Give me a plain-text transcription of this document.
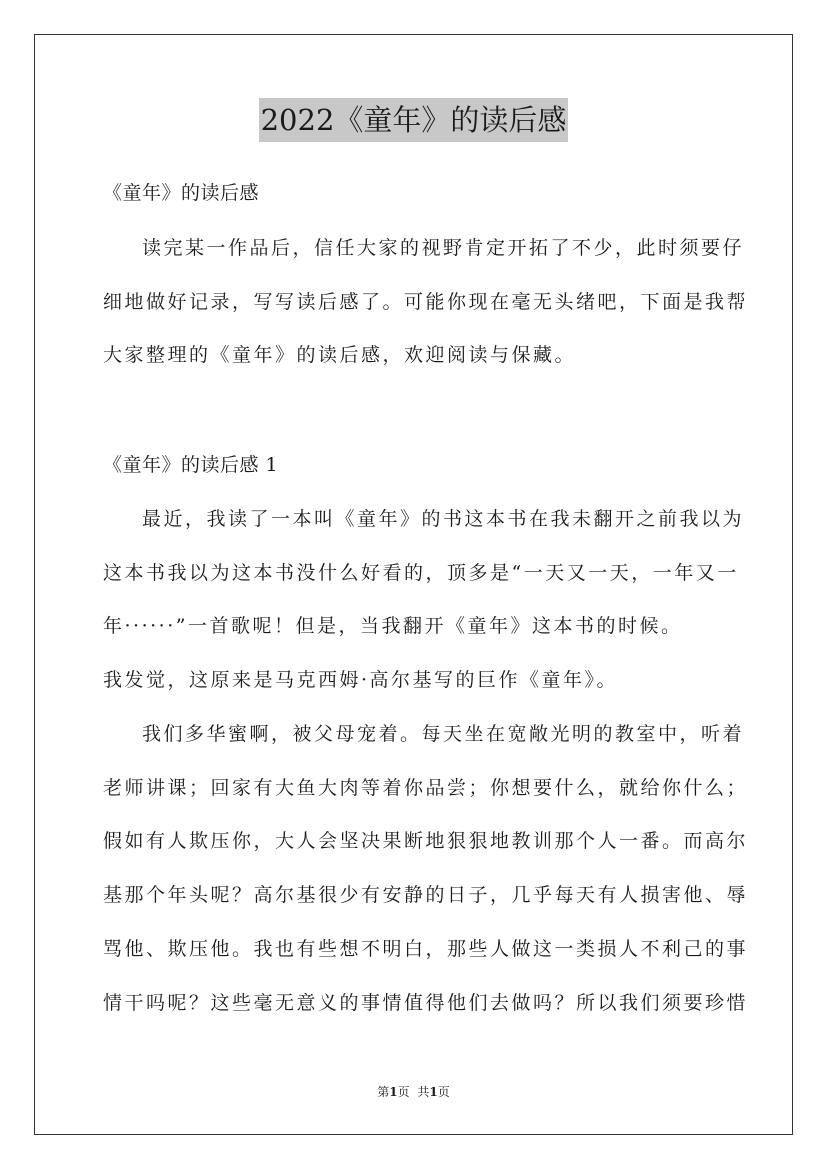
2022《童年》的读后感
《童年》的读后感
读完某一作品后，信任大家的视野肯定开拓了不少，此时须要仔
细地做好记录，写写读后感了。可能你现在毫无头绪吧，下面是我帮
大家整理的《童年》的读后感，欢迎阅读与保藏。
《童年》的读后感 1
最近，我读了一本叫《童年》的书这本书在我未翻开之前我以为
这本书我以为这本书没什么好看的，顶多是“一天又一天，一年又一
年······”一首歌呢！但是，当我翻开《童年》这本书的时候。
我发觉，这原来是马克西姆·高尔基写的巨作《童年》。
我们多华蜜啊，被父母宠着。每天坐在宽敞光明的教室中，听着
老师讲课；回家有大鱼大肉等着你品尝；你想要什么，就给你什么；
假如有人欺压你，大人会坚决果断地狠狠地教训那个人一番。而高尔
基那个年头呢？高尔基很少有安静的日子，几乎每天有人损害他、辱
骂他、欺压他。我也有些想不明白，那些人做这一类损人不利己的事
情干吗呢？这些毫无意义的事情值得他们去做吗？所以我们须要珍惜
第1页 共1页
